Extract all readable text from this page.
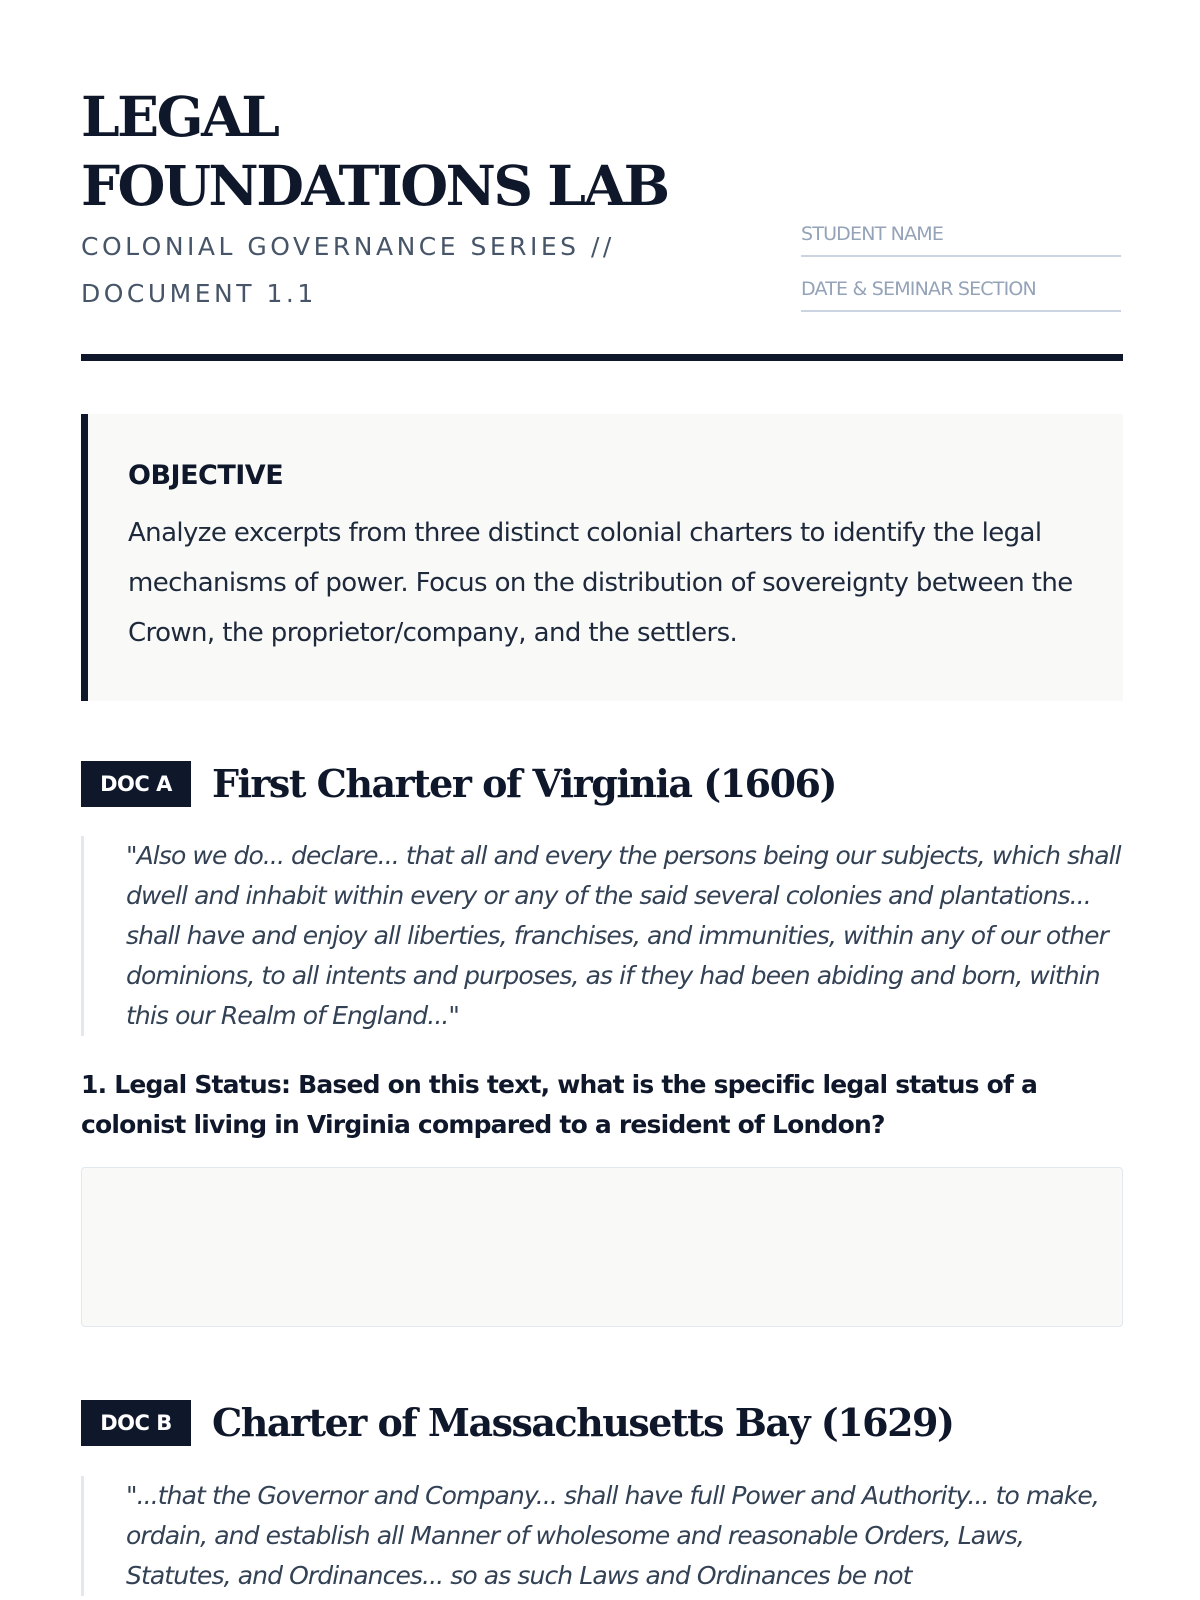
LEGAL FOUNDATIONS LAB

COLONIAL GOVERNANCE SERIES // DOCUMENT 1.1

STUDENT NAME
DATE & SEMINAR SECTION
OBJECTIVE

Analyze excerpts from three distinct colonial charters to identify the legal mechanisms of power. Focus on the distribution of sovereignty between the Crown, the proprietor/company, and the settlers.

DOC A	First Charter of Virginia (1606)
"Also we do... declare... that all and every the persons being our subjects, which shall dwell and inhabit within every or any of the said several colonies and plantations... shall have and enjoy all liberties, franchises, and immunities, within any of our other dominions, to all intents and purposes, as if they had been abiding and born, within this our Realm of England..."

1. Legal Status: Based on this text, what is the specific legal status of a colonist living in Virginia compared to a resident of London?

DOC B	Charter of Massachusetts Bay (1629)
"...that the Governor and Company... shall have full Power and Authority... to make, ordain, and establish all Manner of wholesome and reasonable Orders, Laws, Statutes, and Ordinances... so as such Laws and Ordinances be not
